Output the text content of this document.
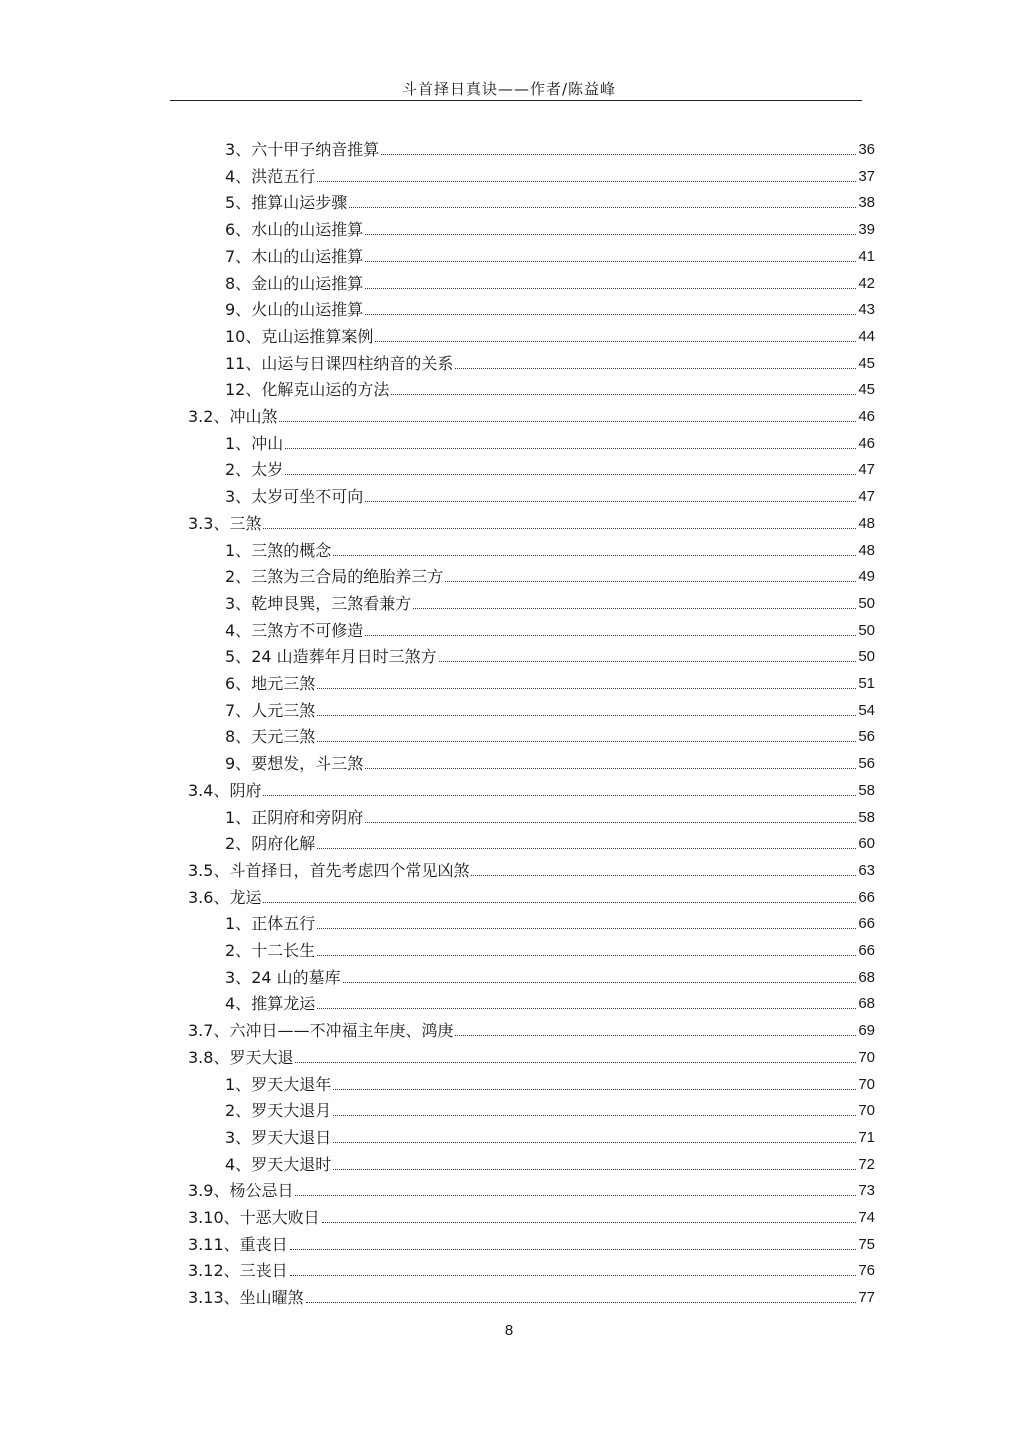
斗首择日真诀——作者/陈益峰
3、 六十甲子纳音推算	36
4、 洪范五行	37
5、 推算山运步骤	38
6、 水山的山运推算	39
7、 木山的山运推算	41
8、 金山的山运推算	42
9、 火山的山运推算	43
10、 克山运推算案例	44
11、 山运与日课四柱纳音的关系	45
12、 化解克山运的方法	45
3.2、 冲山煞	46
1、 冲山	46
2、 太岁	47
3、 太岁可坐不可向	47
3.3、 三煞	48
1、 三煞的概念	48
2、 三煞为三合局的绝胎养三方	49
3、 乾坤艮巽，三煞看兼方	50
4、 三煞方不可修造	50
5、 24 山造葬年月日时三煞方	50
6、 地元三煞	51
7、 人元三煞	54
8、 天元三煞	56
9、 要想发，斗三煞	56
3.4、 阴府	58
1、 正阴府和旁阴府	58
2、 阴府化解	60
3.5、 斗首择日，首先考虑四个常见凶煞	63
3.6、 龙运	66
1、 正体五行	66
2、 十二长生	66
3、 24 山的墓库	68
4、 推算龙运	68
3.7、 六冲日——不冲福主年庚、鸿庚	69
3.8、 罗天大退	70
1、 罗天大退年	70
2、 罗天大退月	70
3、 罗天大退日	71
4、 罗天大退时	72
3.9、 杨公忌日	73
3.10、 十恶大败日	74
3.11、 重丧日	75
3.12、 三丧日	76
3.13、 坐山曜煞	77
8
